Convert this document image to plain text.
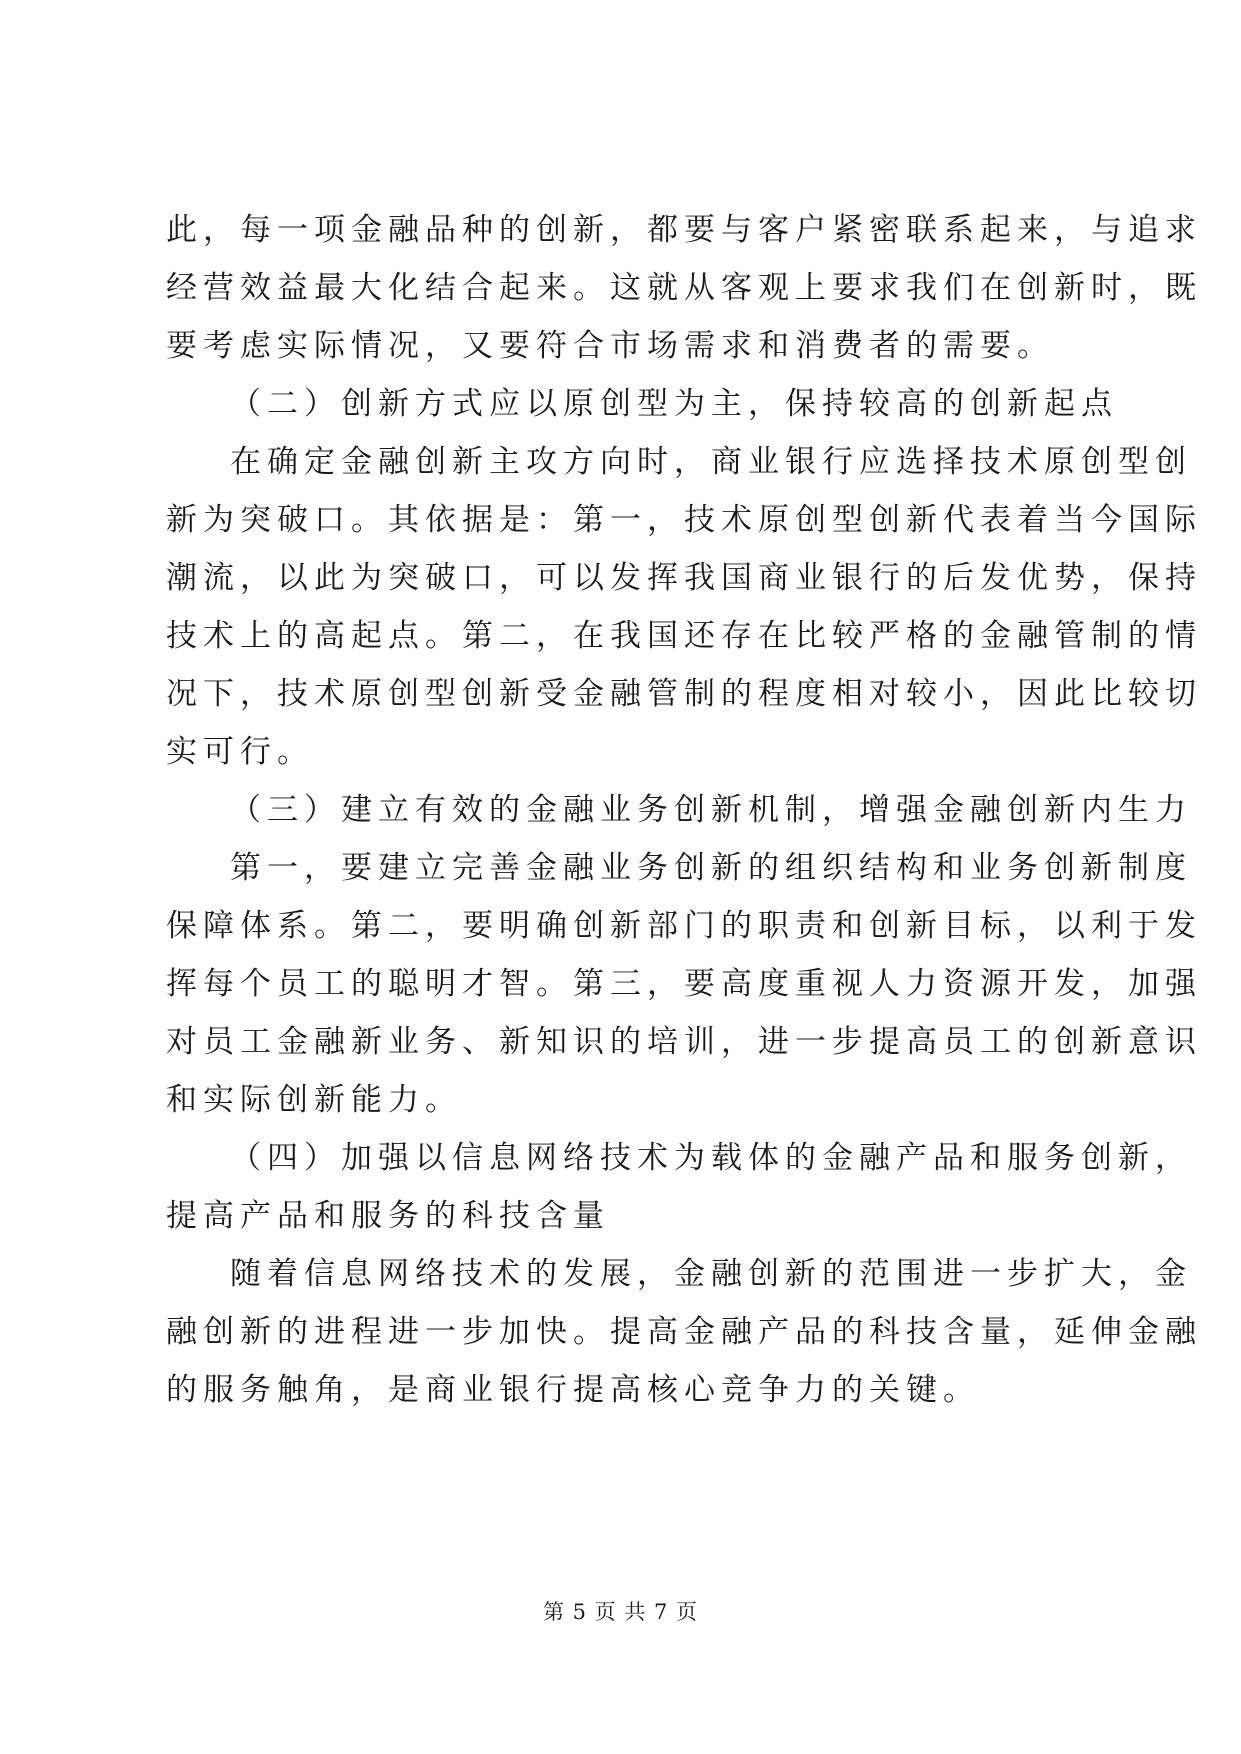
此，每一项金融品种的创新，都要与客户紧密联系起来，与追求
经营效益最大化结合起来。这就从客观上要求我们在创新时，既
要考虑实际情况，又要符合市场需求和消费者的需要。
（二）创新方式应以原创型为主，保持较高的创新起点
在确定金融创新主攻方向时，商业银行应选择技术原创型创
新为突破口。其依据是：第一，技术原创型创新代表着当今国际
潮流，以此为突破口，可以发挥我国商业银行的后发优势，保持
技术上的高起点。第二，在我国还存在比较严格的金融管制的情
况下，技术原创型创新受金融管制的程度相对较小，因此比较切
实可行。
（三）建立有效的金融业务创新机制，增强金融创新内生力
第一，要建立完善金融业务创新的组织结构和业务创新制度
保障体系。第二，要明确创新部门的职责和创新目标，以利于发
挥每个员工的聪明才智。第三，要高度重视人力资源开发，加强
对员工金融新业务、新知识的培训，进一步提高员工的创新意识
和实际创新能力。
（四）加强以信息网络技术为载体的金融产品和服务创新，
提高产品和服务的科技含量
随着信息网络技术的发展，金融创新的范围进一步扩大，金
融创新的进程进一步加快。提高金融产品的科技含量，延伸金融
的服务触角，是商业银行提高核心竞争力的关键。
第 5 页 共 7 页
